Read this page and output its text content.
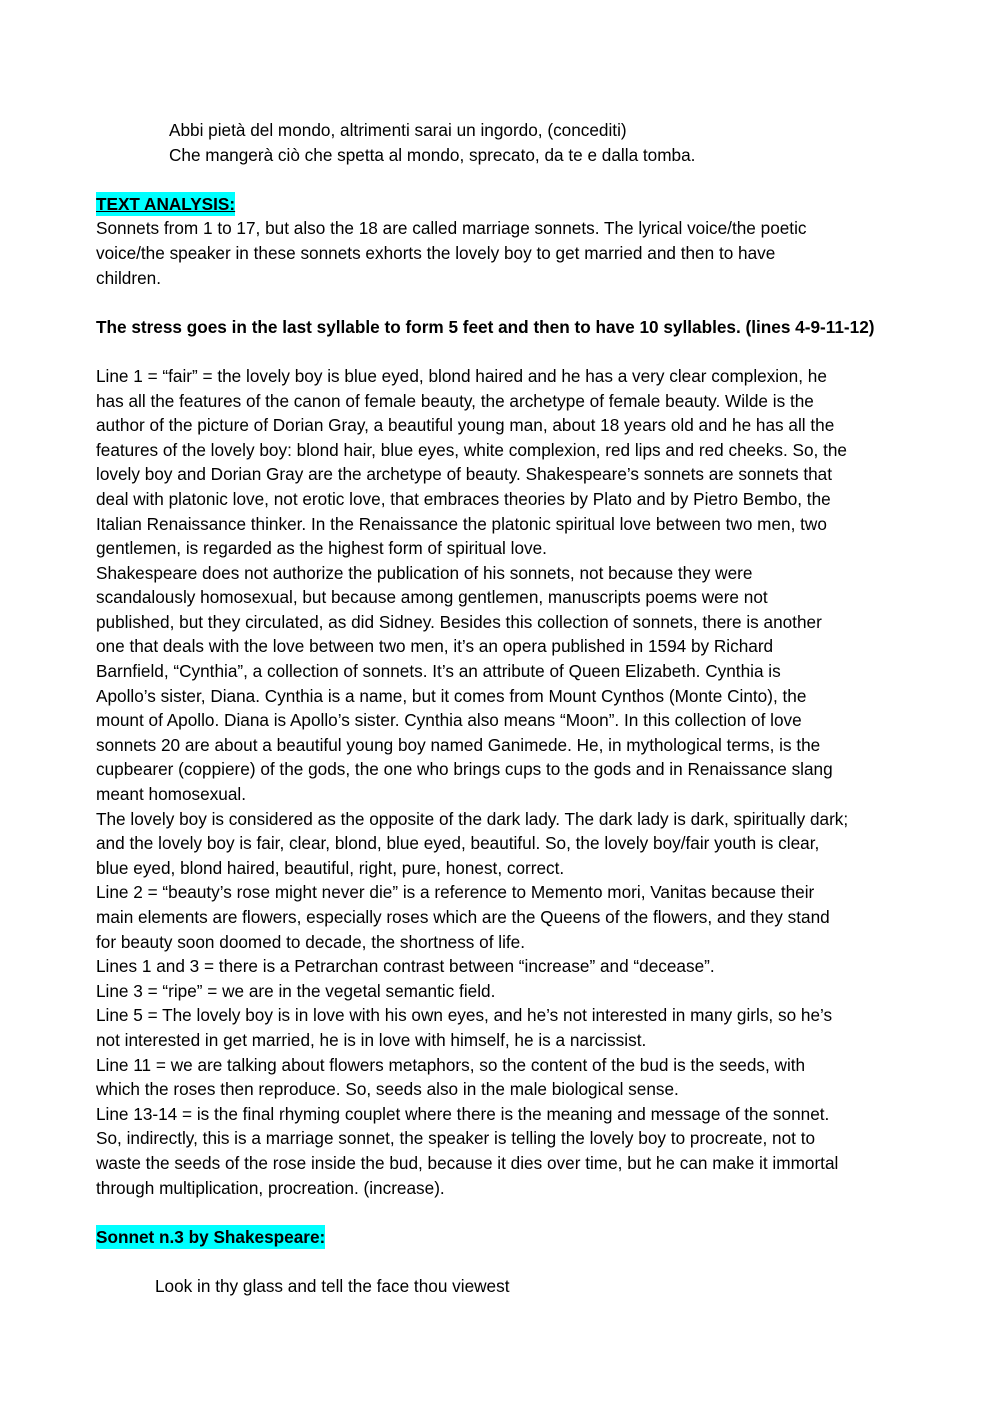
Abbi pietà del mondo, altrimenti sarai un ingordo, (concediti)
Che mangerà ciò che spetta al mondo, sprecato, da te e dalla tomba.
TEXT ANALYSIS:
Sonnets from 1 to 17, but also the 18 are called marriage sonnets. The lyrical voice/the poetic
voice/the speaker in these sonnets exhorts the lovely boy to get married and then to have
children.
The stress goes in the last syllable to form 5 feet and then to have 10 syllables. (lines 4-9-11-12)
Line 1 = “fair” = the lovely boy is blue eyed, blond haired and he has a very clear complexion, he
has all the features of the canon of female beauty, the archetype of female beauty. Wilde is the
author of the picture of Dorian Gray, a beautiful young man, about 18 years old and he has all the
features of the lovely boy: blond hair, blue eyes, white complexion, red lips and red cheeks. So, the
lovely boy and Dorian Gray are the archetype of beauty. Shakespeare’s sonnets are sonnets that
deal with platonic love, not erotic love, that embraces theories by Plato and by Pietro Bembo, the
Italian Renaissance thinker. In the Renaissance the platonic spiritual love between two men, two
gentlemen, is regarded as the highest form of spiritual love.
Shakespeare does not authorize the publication of his sonnets, not because they were
scandalously homosexual, but because among gentlemen, manuscripts poems were not
published, but they circulated, as did Sidney. Besides this collection of sonnets, there is another
one that deals with the love between two men, it’s an opera published in 1594 by Richard
Barnfield, “Cynthia”, a collection of sonnets. It’s an attribute of Queen Elizabeth. Cynthia is
Apollo’s sister, Diana. Cynthia is a name, but it comes from Mount Cynthos (Monte Cinto), the
mount of Apollo. Diana is Apollo’s sister. Cynthia also means “Moon”. In this collection of love
sonnets 20 are about a beautiful young boy named Ganimede. He, in mythological terms, is the
cupbearer (coppiere) of the gods, the one who brings cups to the gods and in Renaissance slang
meant homosexual.
The lovely boy is considered as the opposite of the dark lady. The dark lady is dark, spiritually dark;
and the lovely boy is fair, clear, blond, blue eyed, beautiful. So, the lovely boy/fair youth is clear,
blue eyed, blond haired, beautiful, right, pure, honest, correct.
Line 2 = “beauty’s rose might never die” is a reference to Memento mori, Vanitas because their
main elements are flowers, especially roses which are the Queens of the flowers, and they stand
for beauty soon doomed to decade, the shortness of life.
Lines 1 and 3 = there is a Petrarchan contrast between “increase” and “decease”.
Line 3 = “ripe” = we are in the vegetal semantic field.
Line 5 = The lovely boy is in love with his own eyes, and he’s not interested in many girls, so he’s
not interested in get married, he is in love with himself, he is a narcissist.
Line 11 = we are talking about flowers metaphors, so the content of the bud is the seeds, with
which the roses then reproduce. So, seeds also in the male biological sense.
Line 13-14 = is the final rhyming couplet where there is the meaning and message of the sonnet.
So, indirectly, this is a marriage sonnet, the speaker is telling the lovely boy to procreate, not to
waste the seeds of the rose inside the bud, because it dies over time, but he can make it immortal
through multiplication, procreation. (increase).
Sonnet n.3 by Shakespeare:
Look in thy glass and tell the face thou viewest
